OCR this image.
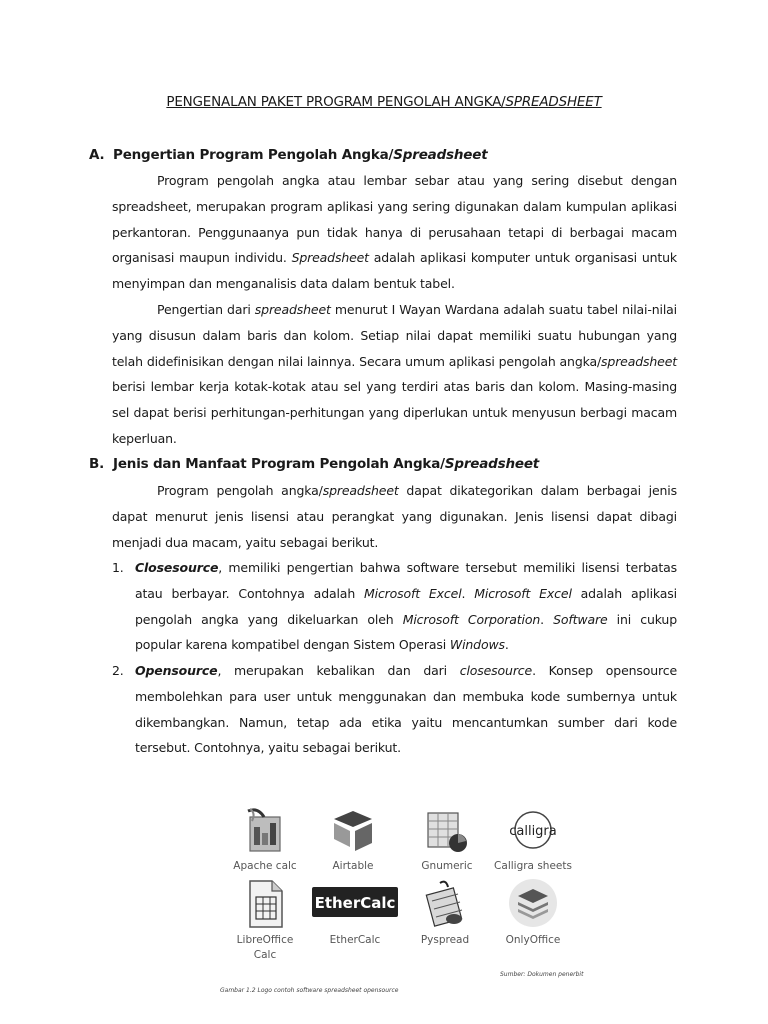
PENGENALAN PAKET PROGRAM PENGOLAH ANGKA/SPREADSHEET
A. Pengertian Program Pengolah Angka/Spreadsheet

Program pengolah angka atau lembar sebar atau yang sering disebut dengan spreadsheet, merupakan program aplikasi yang sering digunakan dalam kumpulan aplikasi perkantoran. Penggunaanya pun tidak hanya di perusahaan tetapi di berbagai macam organisasi maupun individu. Spreadsheet adalah aplikasi komputer untuk organisasi untuk menyimpan dan menganalisis data dalam bentuk tabel.

Pengertian dari spreadsheet menurut I Wayan Wardana adalah suatu tabel nilai-nilai yang disusun dalam baris dan kolom. Setiap nilai dapat memiliki suatu hubungan yang telah didefinisikan dengan nilai lainnya. Secara umum aplikasi pengolah angka/spreadsheet berisi lembar kerja kotak-kotak atau sel yang terdiri atas baris dan kolom. Masing-masing sel dapat berisi perhitungan-perhitungan yang diperlukan untuk menyusun berbagi macam keperluan.

B. Jenis dan Manfaat Program Pengolah Angka/Spreadsheet

Program pengolah angka/spreadsheet dapat dikategorikan dalam berbagai jenis dapat menurut jenis lisensi atau perangkat yang digunakan. Jenis lisensi dapat dibagi menjadi dua macam, yaitu sebagai berikut.

1. Closesource, memiliki pengertian bahwa software tersebut memiliki lisensi terbatas atau berbayar. Contohnya adalah Microsoft Excel. Microsoft Excel adalah aplikasi pengolah angka yang dikeluarkan oleh Microsoft Corporation. Software ini cukup popular karena kompatibel dengan Sistem Operasi Windows.
2. Opensource, merupakan kebalikan dan dari closesource. Konsep opensource membolehkan para user untuk menggunakan dan membuka kode sumbernya untuk dikembangkan. Namun, tetap ada etika yaitu mencantumkan sumber dari kode tersebut. Contohnya, yaitu sebagai berikut.
Apache calc	Airtable	Gnumeric
calligra
Calligra sheets
LibreOffice Calc
EtherCalc
EtherCalc	Pyspread	OnlyOffice
Sumber: Dokumen penerbit
Gambar 1.2 Logo contoh software spreadsheet opensource
